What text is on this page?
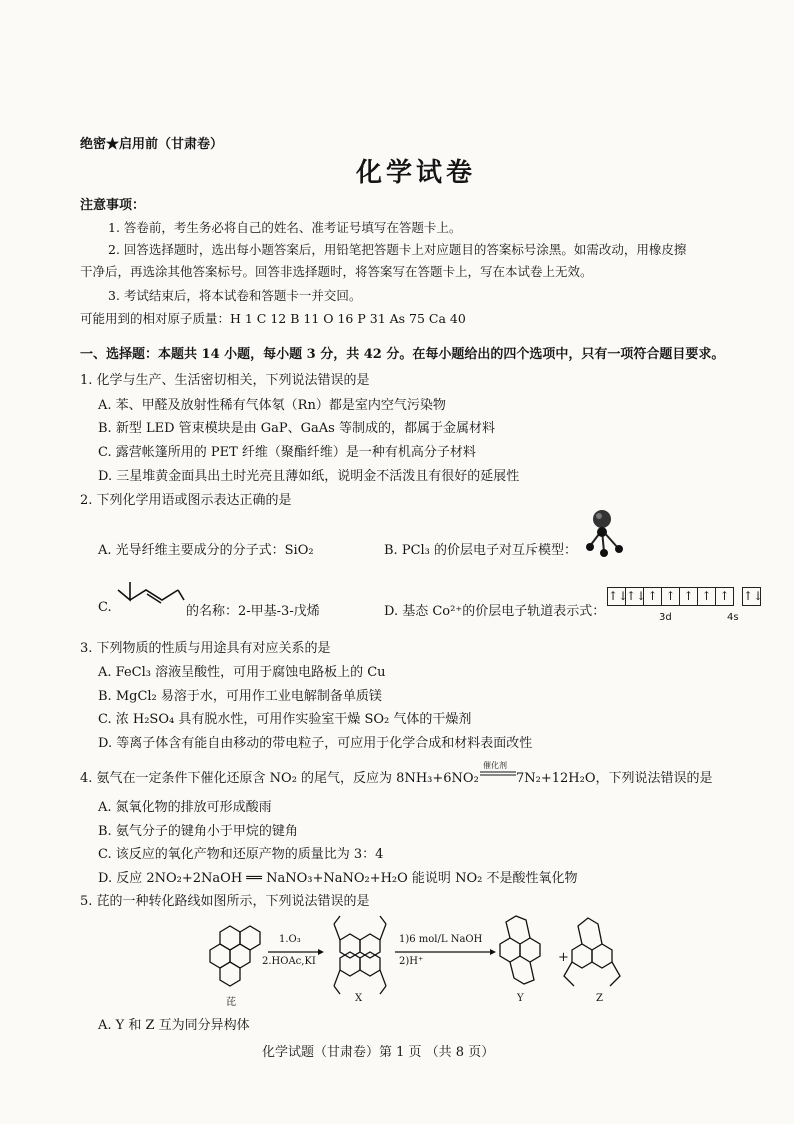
绝密★启用前（甘肃卷）
化学试卷
注意事项：
1. 答卷前，考生务必将自己的姓名、准考证号填写在答题卡上。
2. 回答选择题时，选出每小题答案后，用铅笔把答题卡上对应题目的答案标号涂黑。如需改动，用橡皮擦
干净后，再选涂其他答案标号。回答非选择题时，将答案写在答题卡上，写在本试卷上无效。
3. 考试结束后，将本试卷和答题卡一并交回。
可能用到的相对原子质量：H 1 C 12 B 11 O 16 P 31 As 75 Ca 40
一、选择题：本题共 14 小题，每小题 3 分，共 42 分。在每小题给出的四个选项中，只有一项符合题目要求。
1. 化学与生产、生活密切相关，下列说法错误的是
A. 苯、甲醛及放射性稀有气体氡（Rn）都是室内空气污染物
B. 新型 LED 管束模块是由 GaP、GaAs 等制成的，都属于金属材料
C. 露营帐篷所用的 PET 纤维（聚酯纤维）是一种有机高分子材料
D. 三星堆黄金面具出土时光亮且薄如纸，说明金不活泼且有很好的延展性
2. 下列化学用语或图示表达正确的是
A. 光导纤维主要成分的分子式：SiO₂	B. PCl₃ 的价层电子对互斥模型：
C.	的名称：2-甲基-3-戊烯	D. 基态 Co²⁺的价层电子轨道表示式：
↑↓↑↓↑ ↑ ↑ ↑ ↑ ↑↓
3d	4s
3. 下列物质的性质与用途具有对应关系的是
A. FeCl₃ 溶液呈酸性，可用于腐蚀电路板上的 Cu
B. MgCl₂ 易溶于水，可用作工业电解制备单质镁
C. 浓 H₂SO₄ 具有脱水性，可用作实验室干燥 SO₂ 气体的干燥剂
D. 等离子体含有能自由移动的带电粒子，可应用于化学合成和材料表面改性
4. 氨气在一定条件下催化还原含 NO₂ 的尾气，反应为 8NH₃+6NO₂
催化剂
7N₂+12H₂O，下列说法错误的是
A. 氮氧化物的排放可形成酸雨
B. 氨气分子的键角小于甲烷的键角
C. 该反应的氧化产物和还原产物的质量比为 3：4
D. 反应 2NO₂+2NaOH ══ NaNO₃+NaNO₂+H₂O 能说明 NO₂ 不是酸性氧化物
5. 芘的一种转化路线如图所示，下列说法错误的是
1.O₃
2.HOAc,KI
1)6 mol/L NaOH
2)H⁺	+
芘	X	Y	Z
A. Y 和 Z 互为同分异构体
化学试题（甘肃卷）第 1 页 （共 8 页）
